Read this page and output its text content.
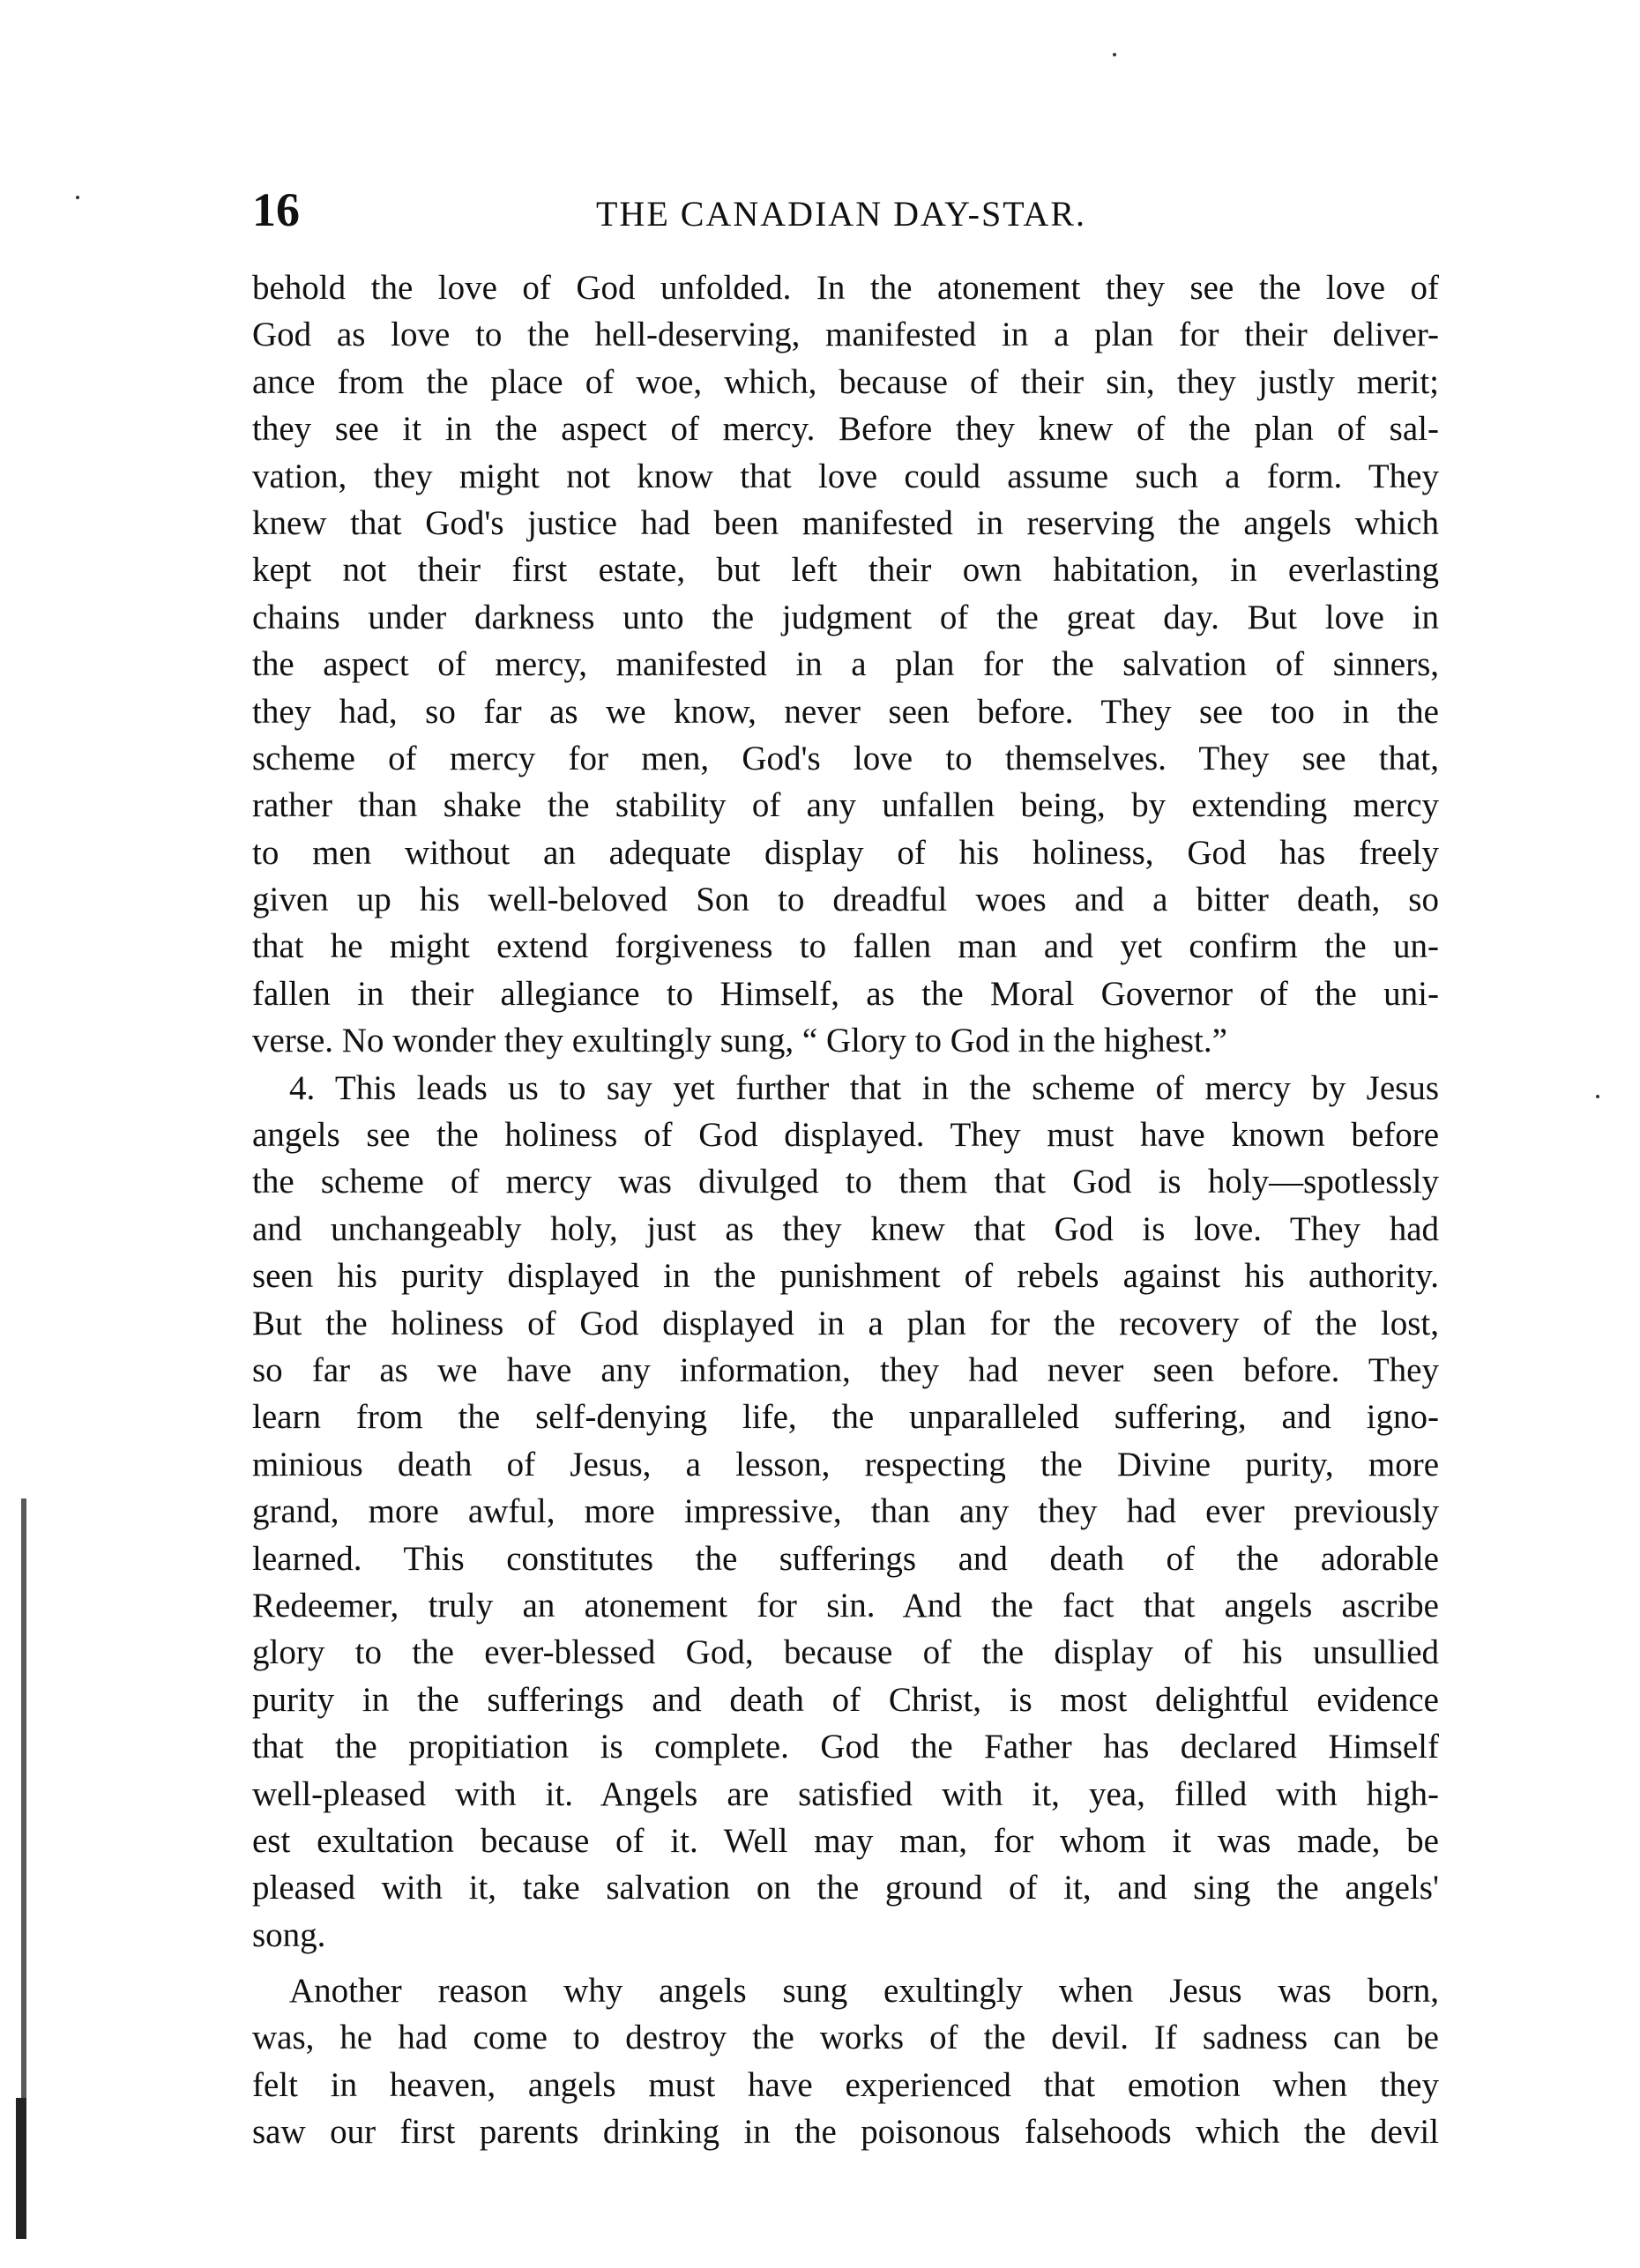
16	THE CANADIAN DAY-STAR.
behold the love of God unfolded. In the atonement they see the love of
God as love to the hell-deserving, manifested in a plan for their deliver-
ance from the place of woe, which, because of their sin, they justly merit;
they see it in the aspect of mercy. Before they knew of the plan of sal-
vation, they might not know that love could assume such a form. They
knew that God's justice had been manifested in reserving the angels which
kept not their first estate, but left their own habitation, in everlasting
chains under darkness unto the judgment of the great day. But love in
the aspect of mercy, manifested in a plan for the salvation of sinners,
they had, so far as we know, never seen before. They see too in the
scheme of mercy for men, God's love to themselves. They see that,
rather than shake the stability of any unfallen being, by extending mercy
to men without an adequate display of his holiness, God has freely
given up his well-beloved Son to dreadful woes and a bitter death, so
that he might extend forgiveness to fallen man and yet confirm the un-
fallen in their allegiance to Himself, as the Moral Governor of the uni-
verse. No wonder they exultingly sung, “ Glory to God in the highest.”
4. This leads us to say yet further that in the scheme of mercy by Jesus
angels see the holiness of God displayed. They must have known before
the scheme of mercy was divulged to them that God is holy—spotlessly
and unchangeably holy, just as they knew that God is love. They had
seen his purity displayed in the punishment of rebels against his authority.
But the holiness of God displayed in a plan for the recovery of the lost,
so far as we have any information, they had never seen before. They
learn from the self-denying life, the unparalleled suffering, and igno-
minious death of Jesus, a lesson, respecting the Divine purity, more
grand, more awful, more impressive, than any they had ever previously
learned. This constitutes the sufferings and death of the adorable
Redeemer, truly an atonement for sin. And the fact that angels ascribe
glory to the ever-blessed God, because of the display of his unsullied
purity in the sufferings and death of Christ, is most delightful evidence
that the propitiation is complete. God the Father has declared Himself
well-pleased with it. Angels are satisfied with it, yea, filled with high-
est exultation because of it. Well may man, for whom it was made, be
pleased with it, take salvation on the ground of it, and sing the angels'
song.
Another reason why angels sung exultingly when Jesus was born,
was, he had come to destroy the works of the devil. If sadness can be
felt in heaven, angels must have experienced that emotion when they
saw our first parents drinking in the poisonous falsehoods which the devil
